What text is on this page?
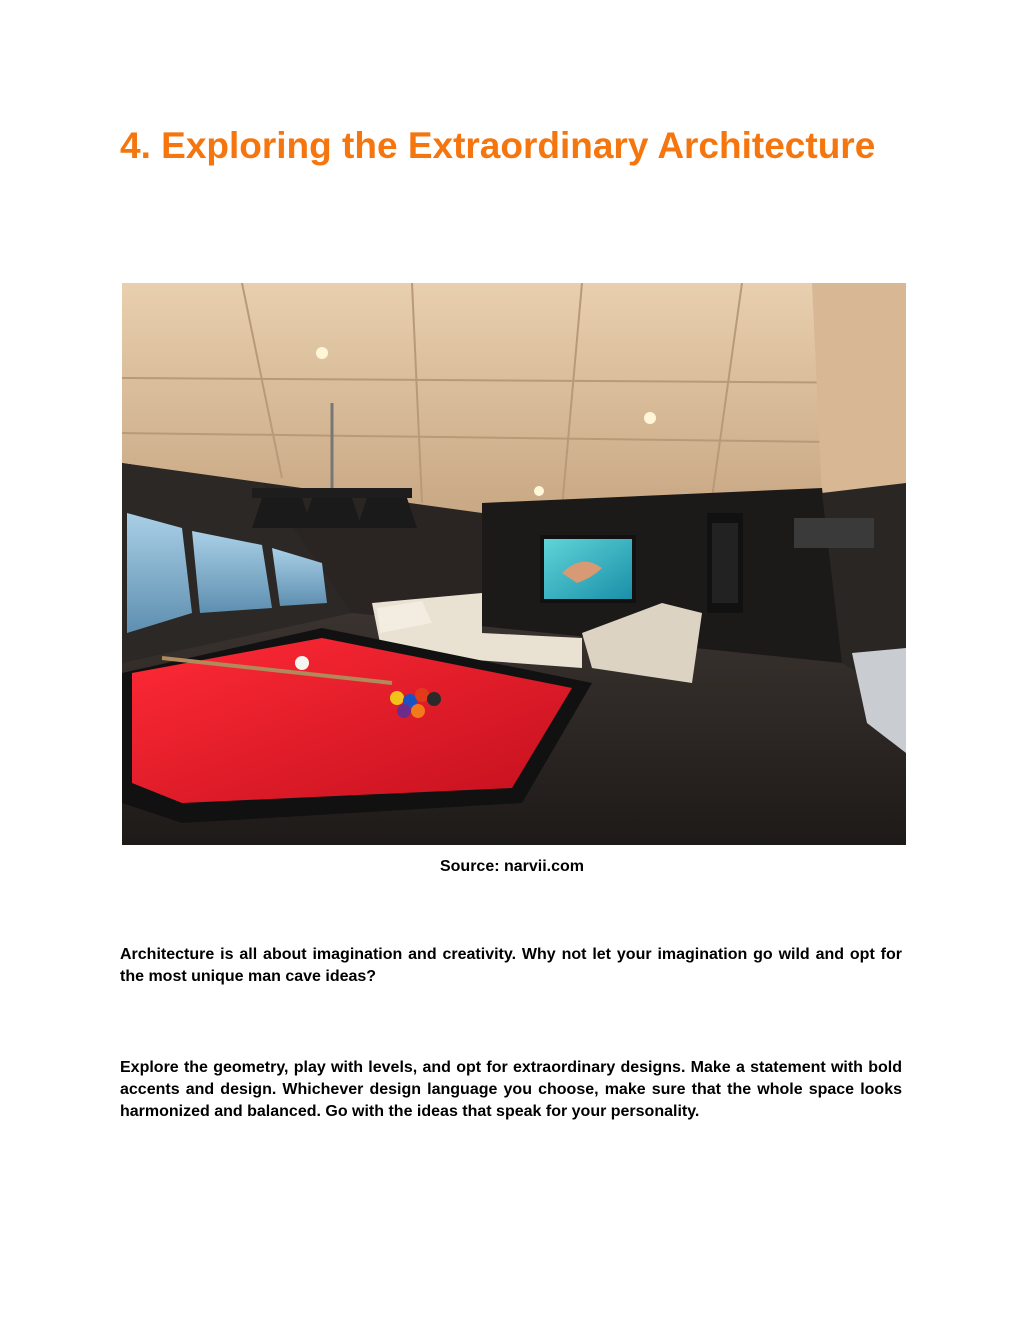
4. Exploring the Extraordinary Architecture

Source: narvii.com

Architecture is all about imagination and creativity. Why not let your imagination go wild and opt for the most unique man cave ideas?

Explore the geometry, play with levels, and opt for extraordinary designs. Make a statement with bold accents and design. Whichever design language you choose, make sure that the whole space looks harmonized and balanced. Go with the ideas that speak for your personality.
